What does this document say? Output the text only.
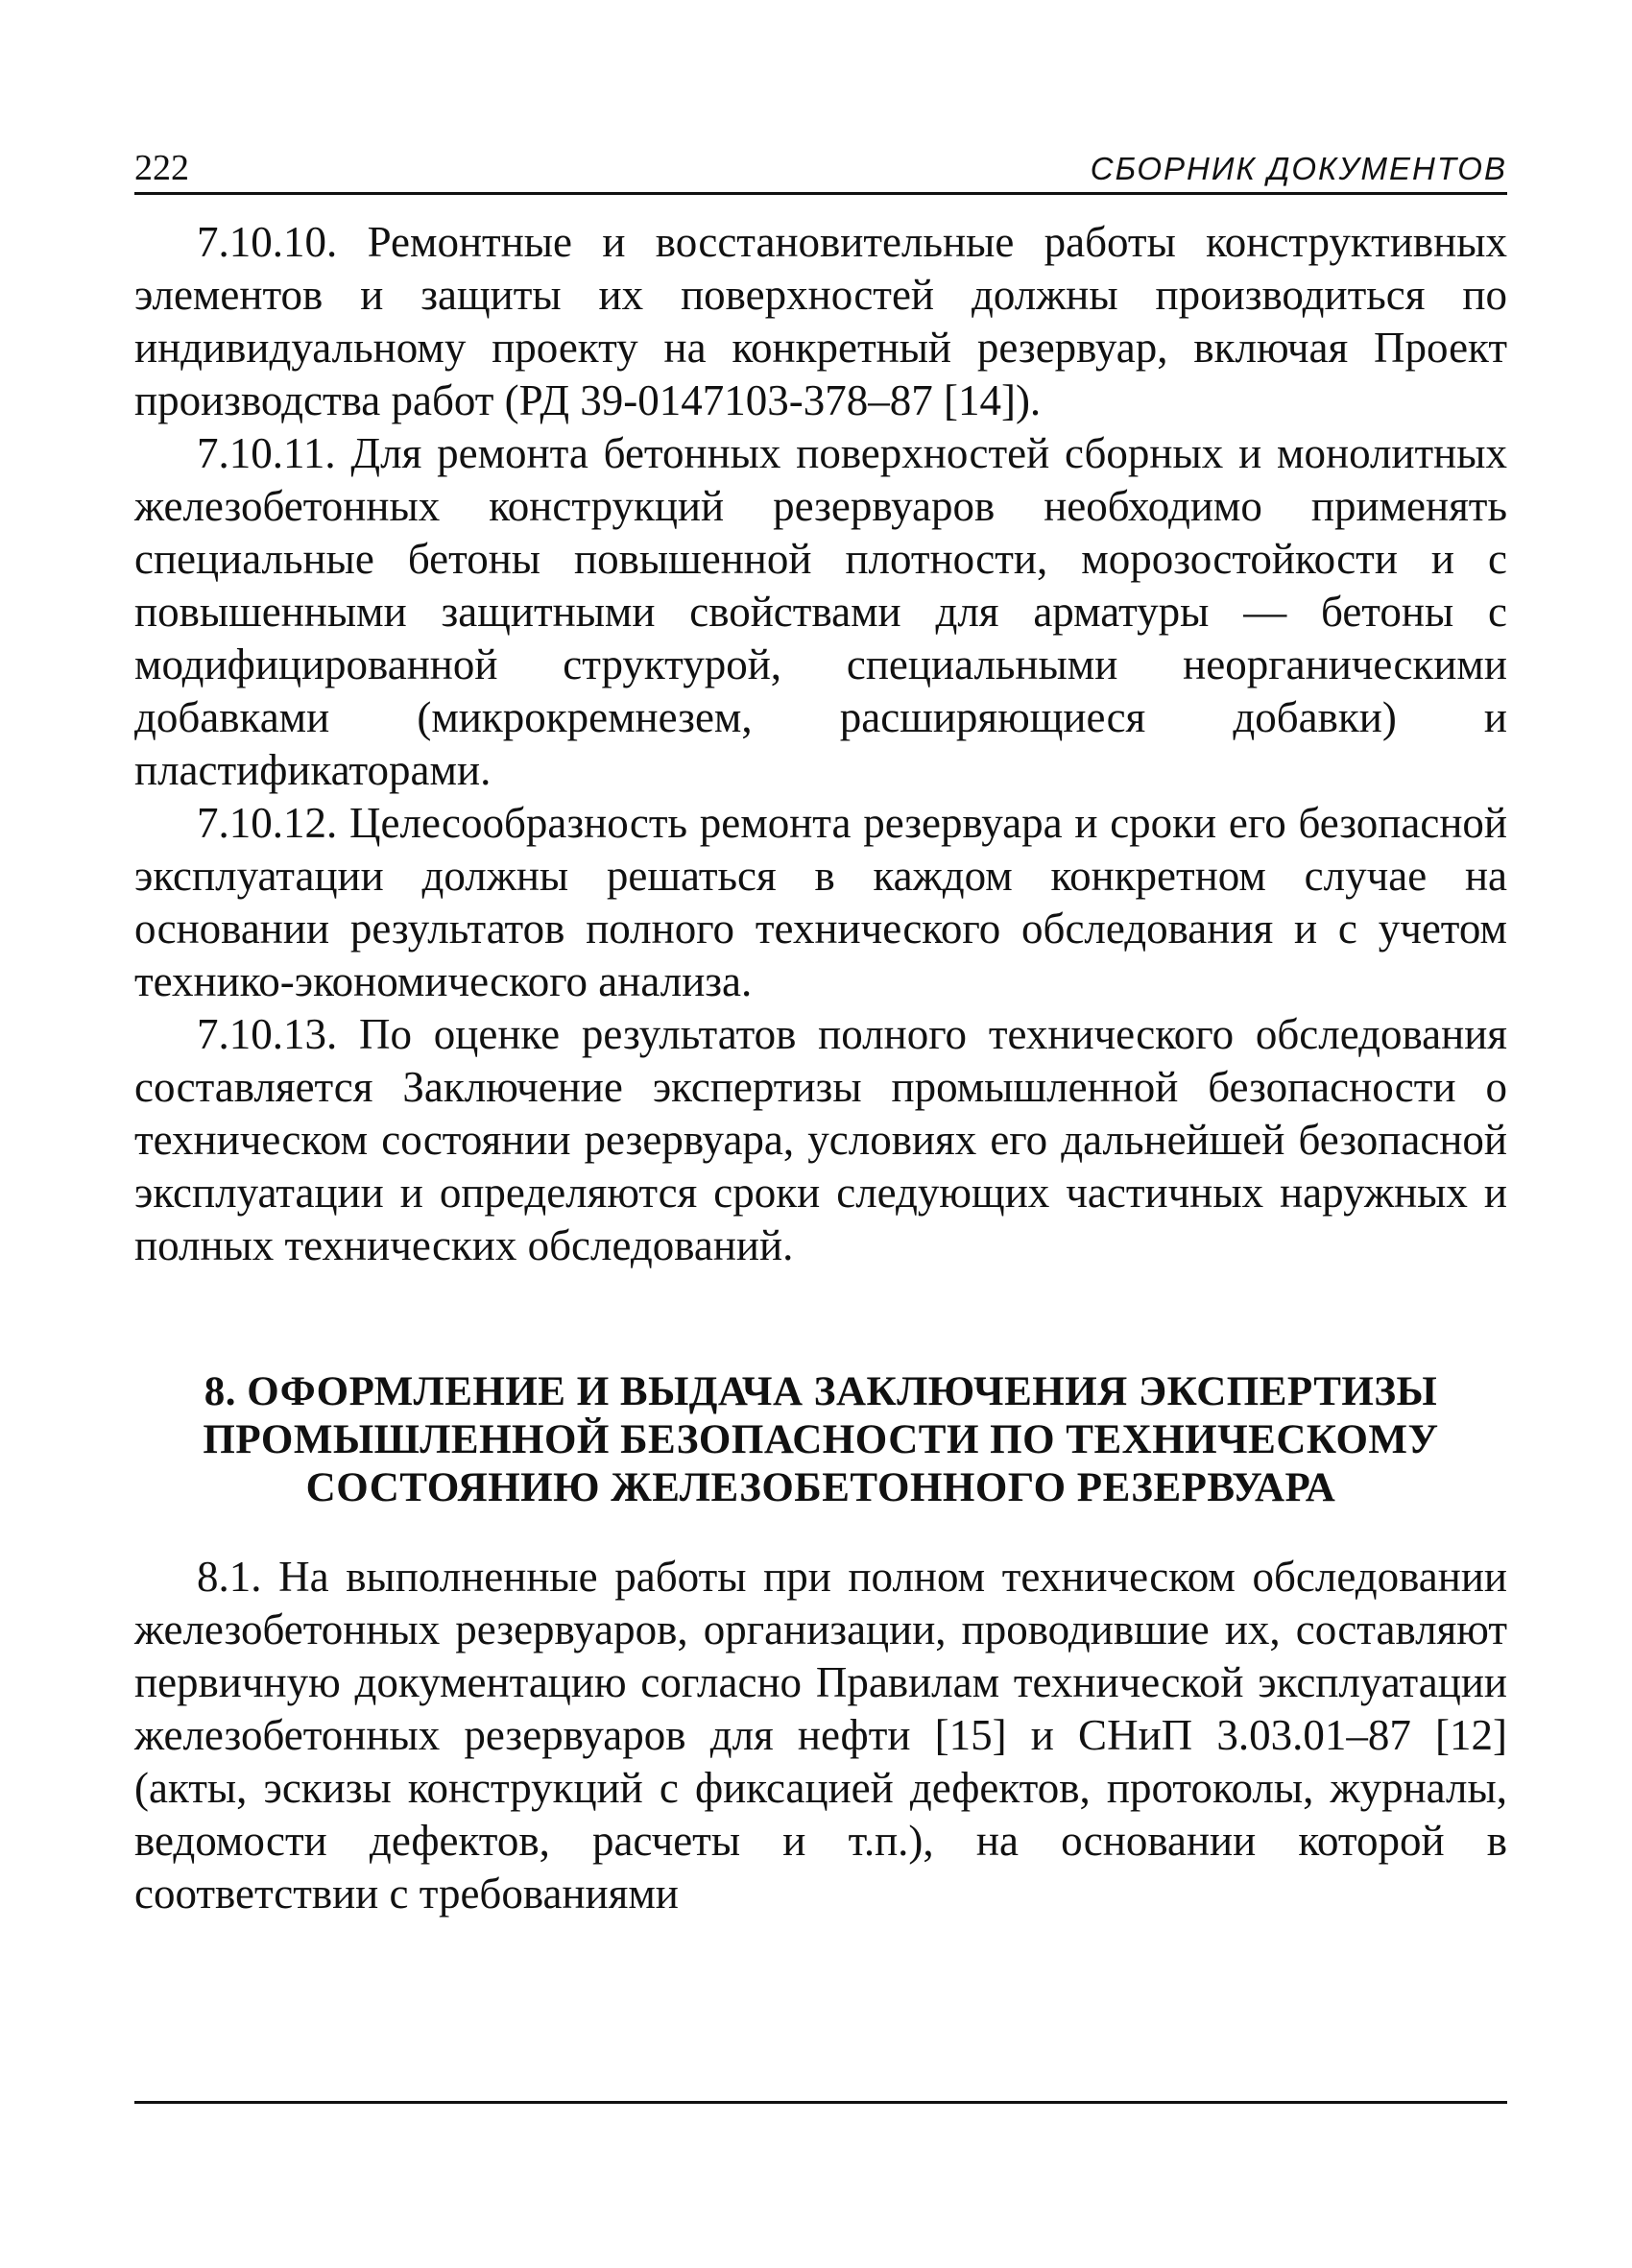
222	СБОРНИК ДОКУМЕНТОВ

7.10.10. Ремонтные и восстановительные работы конструктивных элементов и защиты их поверхностей должны производиться по индивидуальному проекту на конкретный резервуар, включая Проект производства работ (РД 39-0147103-378–87 [14]).

7.10.11. Для ремонта бетонных поверхностей сборных и монолитных железобетонных конструкций резервуаров необходимо применять специальные бетоны повышенной плотности, морозостойкости и с повышенными защитными свойствами для арматуры — бетоны с модифицированной структурой, специальными неорганическими добавками (микрокремнезем, расширяющиеся добавки) и пластификаторами.

7.10.12. Целесообразность ремонта резервуара и сроки его безопасной эксплуатации должны решаться в каждом конкретном случае на основании результатов полного технического обследования и с учетом технико-экономического анализа.

7.10.13. По оценке результатов полного технического обследования составляется Заключение экспертизы промышленной безопасности о техническом состоянии резервуара, условиях его дальнейшей безопасной эксплуатации и определяются сроки следующих частичных наружных и полных технических обследований.

8. ОФОРМЛЕНИЕ И ВЫДАЧА ЗАКЛЮЧЕНИЯ ЭКСПЕРТИЗЫ ПРОМЫШЛЕННОЙ БЕЗОПАСНОСТИ ПО ТЕХНИЧЕСКОМУ СОСТОЯНИЮ ЖЕЛЕЗОБЕТОННОГО РЕЗЕРВУАРА

8.1. На выполненные работы при полном техническом обследовании железобетонных резервуаров, организации, проводившие их, составляют первичную документацию согласно Правилам технической эксплуатации железобетонных резервуаров для нефти [15] и СНиП 3.03.01–87 [12] (акты, эскизы конструкций с фиксацией дефектов, протоколы, журналы, ведомости дефектов, расчеты и т.п.), на основании которой в соответствии с требованиями
